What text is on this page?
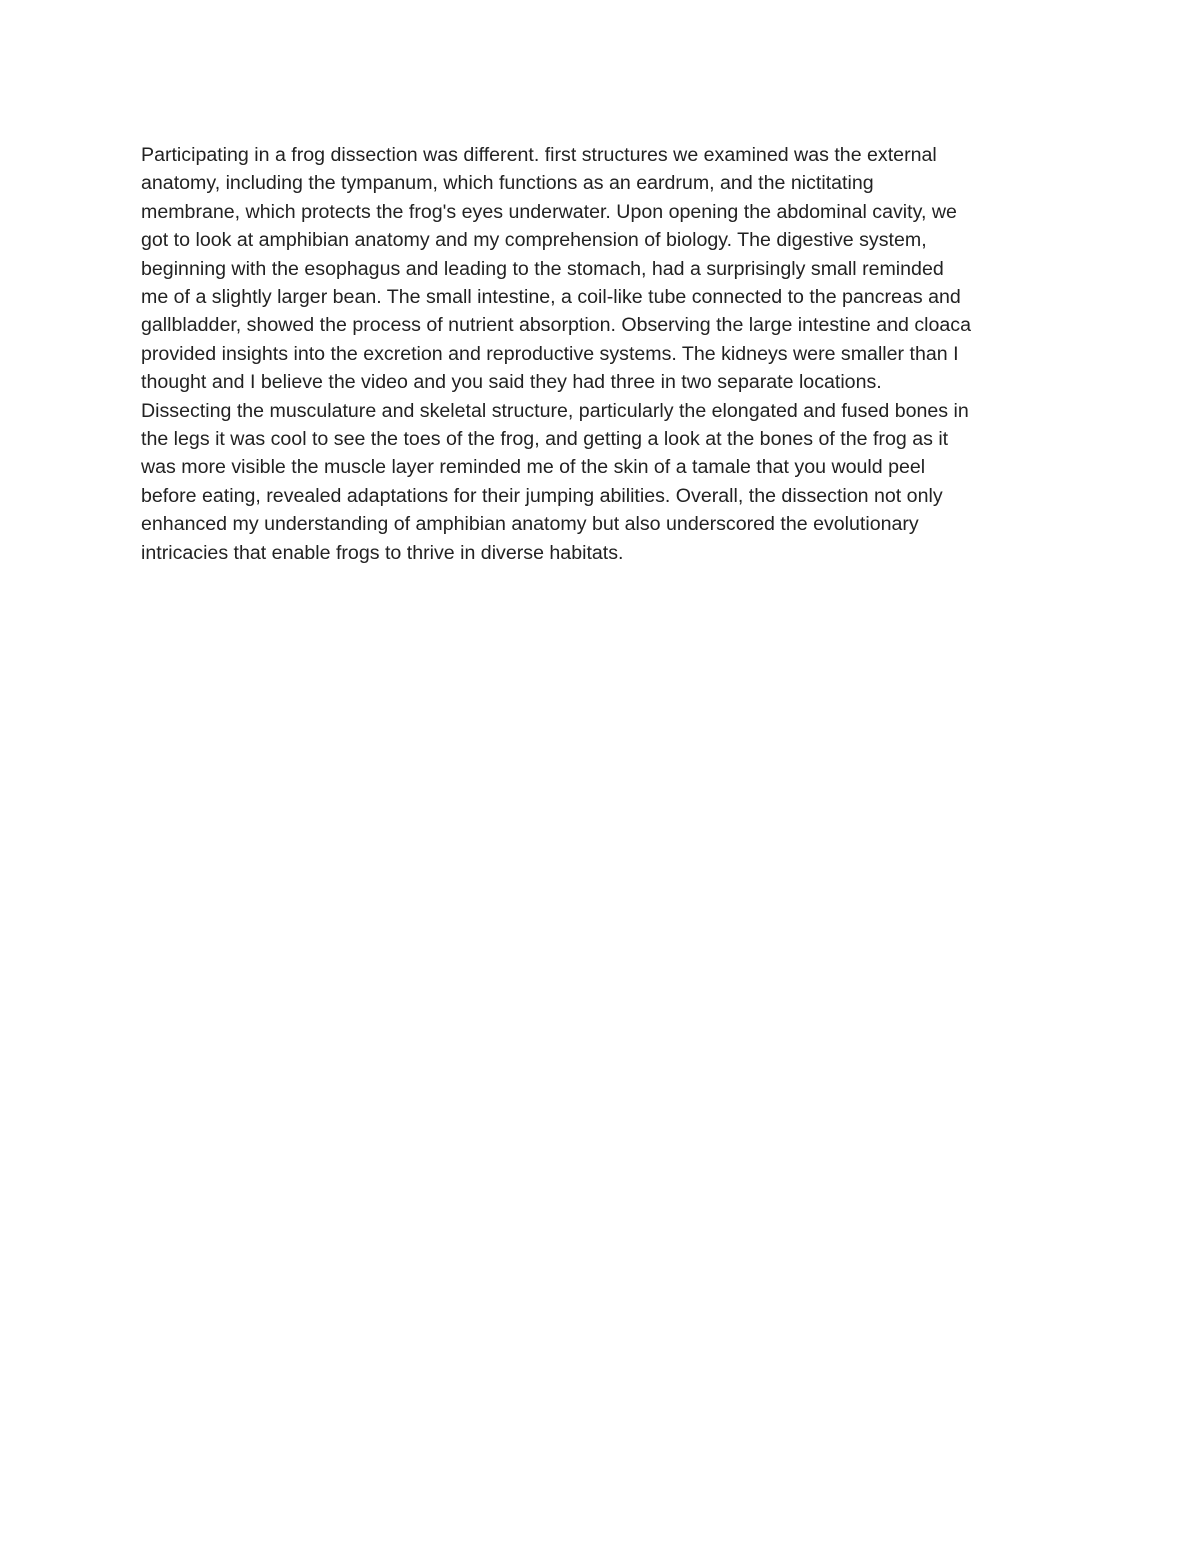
Participating in a frog dissection was different. first structures we examined was the external
anatomy, including the tympanum, which functions as an eardrum, and the nictitating
membrane, which protects the frog's eyes underwater. Upon opening the abdominal cavity, we
got to look at amphibian anatomy and my comprehension of biology. The digestive system,
beginning with the esophagus and leading to the stomach, had a surprisingly small reminded
me of a slightly larger bean. The small intestine, a coil-like tube connected to the pancreas and
gallbladder, showed the process of nutrient absorption. Observing the large intestine and cloaca
provided insights into the excretion and reproductive systems. The kidneys were smaller than I
thought and I believe the video and you said they had three in two separate locations.
Dissecting the musculature and skeletal structure, particularly the elongated and fused bones in
the legs it was cool to see the toes of the frog, and getting a look at the bones of the frog as it
was more visible the muscle layer reminded me of the skin of a tamale that you would peel
before eating, revealed adaptations for their jumping abilities. Overall, the dissection not only
enhanced my understanding of amphibian anatomy but also underscored the evolutionary
intricacies that enable frogs to thrive in diverse habitats.
